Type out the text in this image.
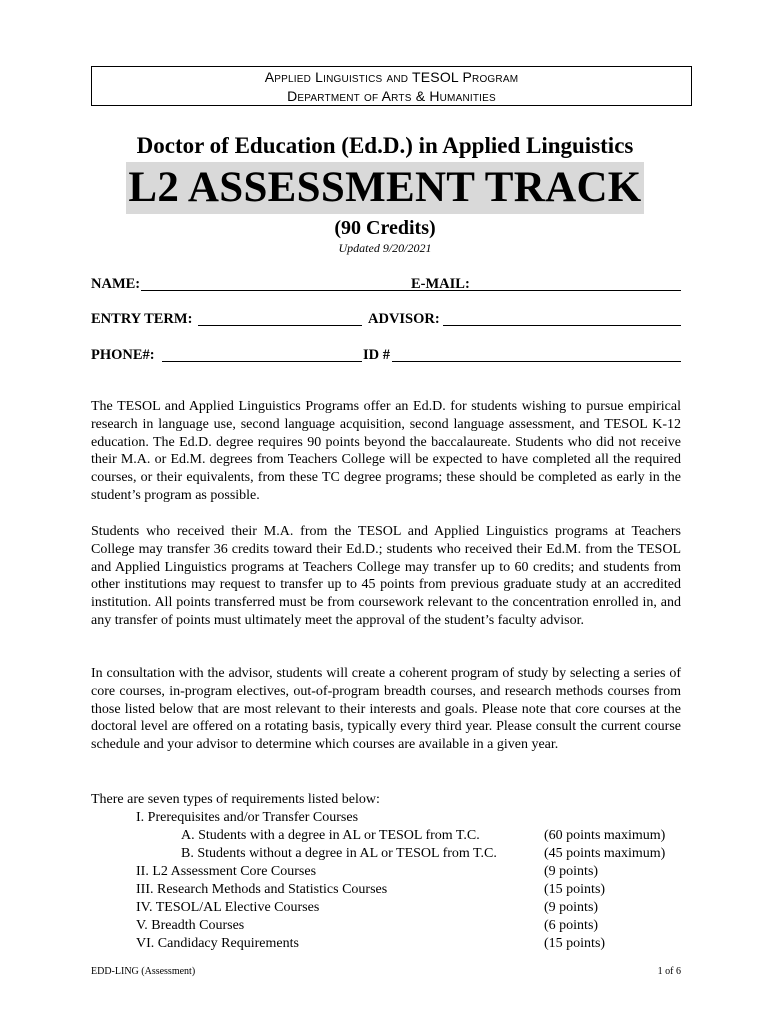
Applied Linguistics and TESOL Program
Department of Arts & Humanities
Doctor of Education (Ed.D.) in Applied Linguistics
L2 ASSESSMENT TRACK
(90 Credits)
Updated 9/20/2021
NAME:	E-MAIL:
ENTRY TERM:	ADVISOR:
PHONE#:	ID #

The TESOL and Applied Linguistics Programs offer an Ed.D. for students wishing to pursue empirical research in language use, second language acquisition, second language assessment, and TESOL K-12 education. The Ed.D. degree requires 90 points beyond the baccalaureate. Students who did not receive their M.A. or Ed.M. degrees from Teachers College will be expected to have completed all the required courses, or their equivalents, from these TC degree programs; these should be completed as early in the student’s program as possible.

Students who received their M.A. from the TESOL and Applied Linguistics programs at Teachers College may transfer 36 credits toward their Ed.D.; students who received their Ed.M. from the TESOL and Applied Linguistics programs at Teachers College may transfer up to 60 credits; and students from other institutions may request to transfer up to 45 points from previous graduate study at an accredited institution. All points transferred must be from coursework relevant to the concentration enrolled in, and any transfer of points must ultimately meet the approval of the student’s faculty advisor.

In consultation with the advisor, students will create a coherent program of study by selecting a series of core courses, in-program electives, out-of-program breadth courses, and research methods courses from those listed below that are most relevant to their interests and goals. Please note that core courses at the doctoral level are offered on a rotating basis, typically every third year. Please consult the current course schedule and your advisor to determine which courses are available in a given year.

There are seven types of requirements listed below:
I. Prerequisites and/or Transfer Courses
A. Students with a degree in AL or TESOL from T.C.	(60 points maximum)
B. Students without a degree in AL or TESOL from T.C.	(45 points maximum)
II. L2 Assessment Core Courses	(9 points)
III. Research Methods and Statistics Courses	(15 points)
IV. TESOL/AL Elective Courses	(9 points)
V. Breadth Courses	(6 points)
VI. Candidacy Requirements	(15 points)
EDD-LING (Assessment)	1 of 6
